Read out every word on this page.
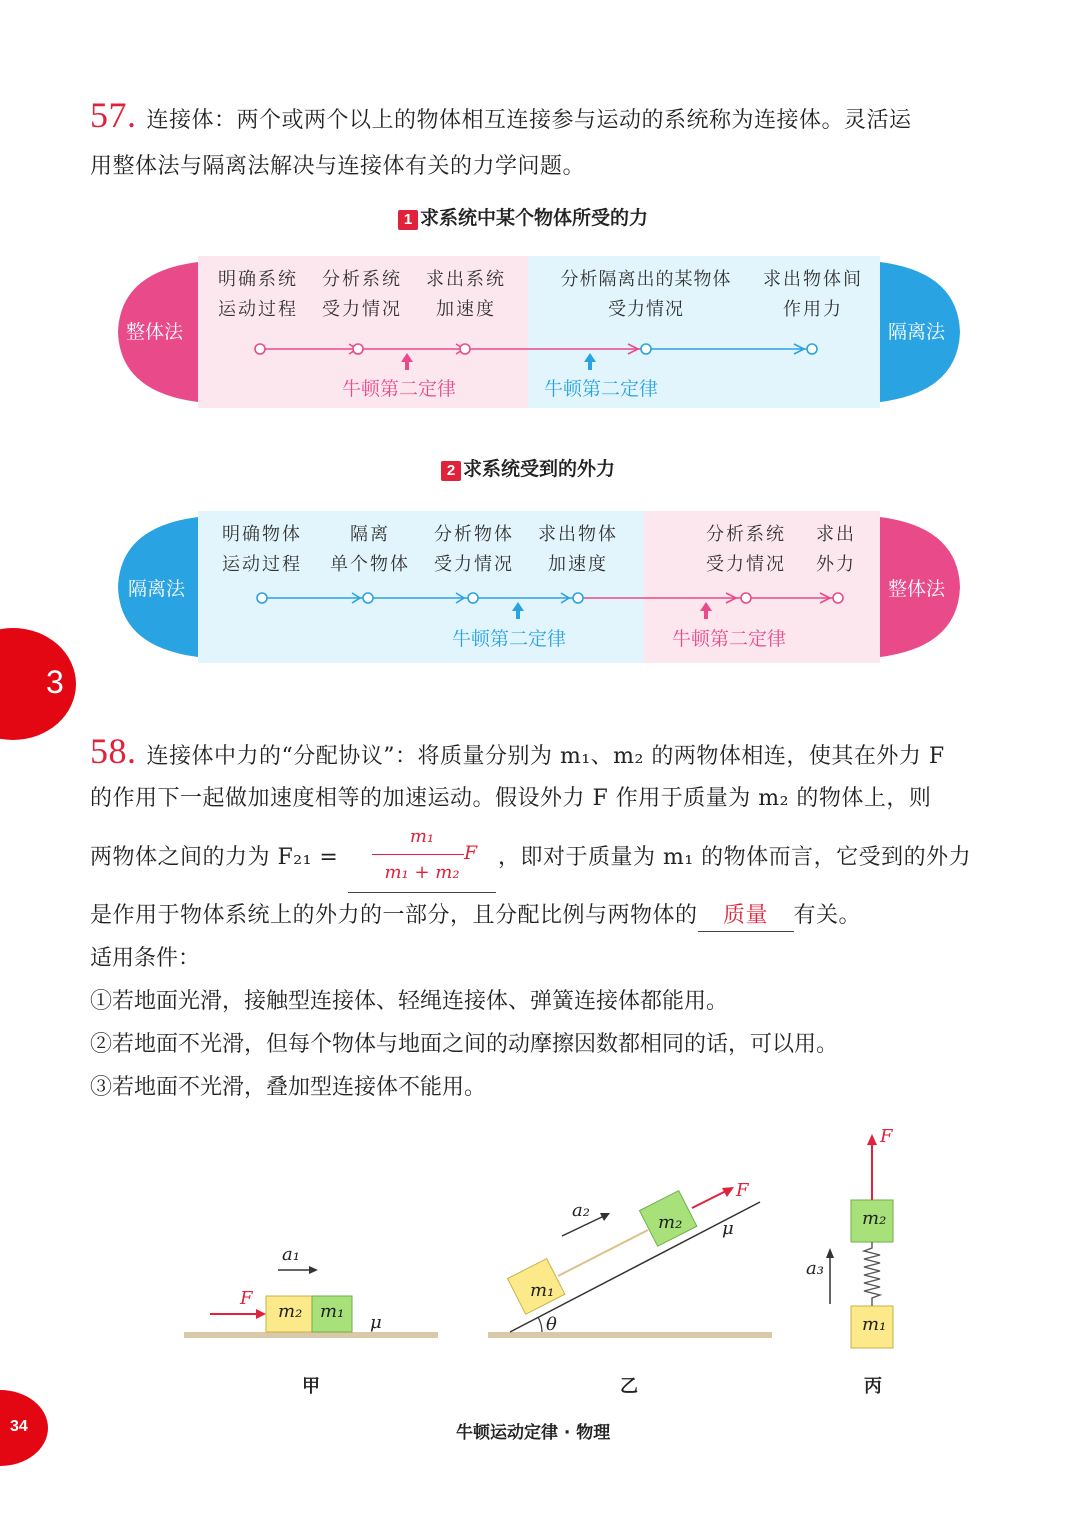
3
57. 连接体：两个或两个以上的物体相互连接参与运动的系统称为连接体。灵活运
用整体法与隔离法解决与连接体有关的力学问题。
1 求系统中某个物体所受的力
整体法	隔离法
明确系统
运动过程
分析系统
受力情况
求出系统
加速度
分析隔离出的某物体
受力情况
求出物体间
作用力
牛顿第二定律	牛顿第二定律
2 求系统受到的外力
隔离法	整体法
明确物体
运动过程
隔离
单个物体
分析物体
受力情况
求出物体
加速度
分析系统
受力情况
求出
外力
牛顿第二定律	牛顿第二定律
58. 连接体中力的“分配协议”：将质量分别为 m₁、m₂ 的两物体相连，使其在外力 F
的作用下一起做加速度相等的加速运动。假设外力 F 作用于质量为 m₂ 的物体上，则
两物体之间的力为 F₂₁ =
m₁
F
m₁ + m₂
，即对于质量为 m₁ 的物体而言，它受到的外力
是作用于物体系统上的外力的一部分，且分配比例与两物体的 质量 有关。
适用条件：
①若地面光滑，接触型连接体、轻绳连接体、弹簧连接体都能用。
②若地面不光滑，但每个物体与地面之间的动摩擦因数都相同的话，可以用。
③若地面不光滑，叠加型连接体不能用。
F
a₁
m₂ m₁
μ
甲
a₂
F
m₂
m₁
μ
θ
乙
F
m₂
m₁
a₃
丙
34	牛顿运动定律 · 物理
